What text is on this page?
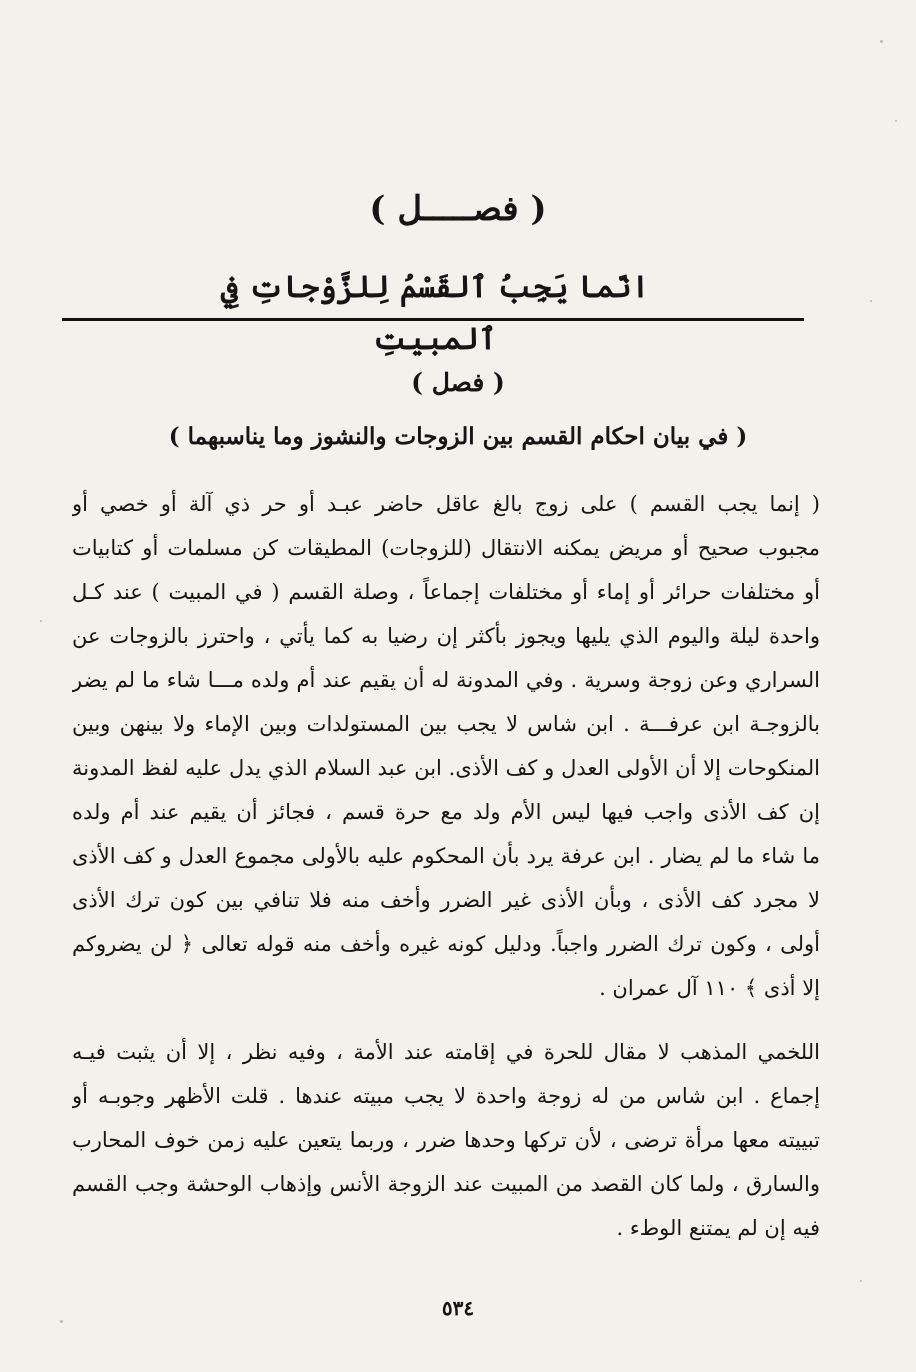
( فصـــــل )
انّما يَجِبُ ٱلقَسْمُ لِلزَّوْجاتِ فِي ٱلمبيتِ
( فصل )
( في بيان احكام القسم بين الزوجات والنشوز وما يناسبهما )
( إنما يجب القسم ) على زوج بالغ عاقل حاضر عبـد أو حر ذي آلة أو خصي أو
مجبوب صحيح أو مريض يمكنه الانتقال (للزوجات) المطيقات كن مسلمات أو كتابيات
أو مختلفات حرائر أو إماء أو مختلفات إجماعاً ، وصلة القسم ( في المبيت ) عند كـل
واحدة ليلة واليوم الذي يليها ويجوز بأكثر إن رضيا به كما يأتي ، واحترز بالزوجات عن
السراري وعن زوجة وسرية . وفي المدونة له أن يقيم عند أم ولده مـــا شاء ما لم يضر
بالزوجـة ابن عرفـــة . ابن شاس لا يجب بين المستولدات وبين الإماء ولا بينهن وبين
المنكوحات إلا أن الأولى العدل و كف الأذى. ابن عبد السلام الذي يدل عليه لفظ المدونة
إن كف الأذى واجب فيها ليس الأم ولد مع حرة قسم ، فجائز أن يقيم عند أم ولده
ما شاء ما لم يضار . ابن عرفة يرد بأن المحكوم عليه بالأولى مجموع العدل و كف الأذى
لا مجرد كف الأذى ، وبأن الأذى غير الضرر وأخف منه فلا تنافي بين كون ترك الأذى
أولى ، وكون ترك الضرر واجباً. ودليل كونه غيره وأخف منه قوله تعالى ﴿ لن يضروكم
إلا أذى ﴾ ١١٠ آل عمران .
اللخمي المذهب لا مقال للحرة في إقامته عند الأمة ، وفيه نظر ، إلا أن يثبت فيـه
إجماع . ابن شاس من له زوجة واحدة لا يجب مبيته عندها . قلت الأظهر وجوبـه أو
تبييته معها مرأة ترضى ، لأن تركها وحدها ضرر ، وربما يتعين عليه زمن خوف المحارب
والسارق ، ولما كان القصد من المبيت عند الزوجة الأنس وإذهاب الوحشة وجب القسم
فيه إن لم يمتنع الوطء .
٥٣٤
